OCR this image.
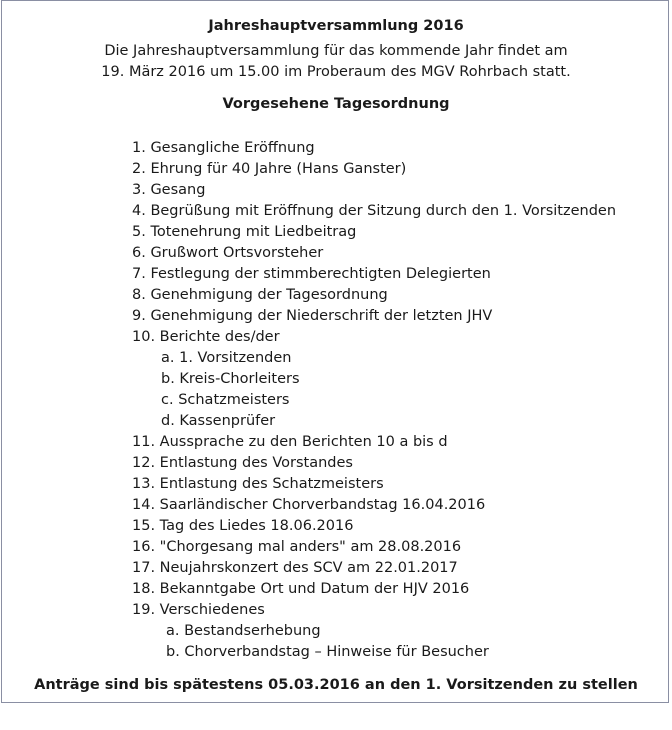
Jahreshauptversammlung 2016
Die Jahreshauptversammlung für das kommende Jahr findet am
19. März 2016 um 15.00 im Proberaum des MGV Rohrbach statt.
Vorgesehene Tagesordnung
1. Gesangliche Eröffnung
2. Ehrung für 40 Jahre (Hans Ganster)
3. Gesang
4. Begrüßung mit Eröffnung der Sitzung durch den 1. Vorsitzenden
5. Totenehrung mit Liedbeitrag
6. Grußwort Ortsvorsteher
7. Festlegung der stimmberechtigten Delegierten
8. Genehmigung der Tagesordnung
9. Genehmigung der Niederschrift der letzten JHV
10. Berichte des/der
a. 1. Vorsitzenden
b. Kreis-Chorleiters
c. Schatzmeisters
d. Kassenprüfer
11. Aussprache zu den Berichten 10 a bis d
12. Entlastung des Vorstandes
13. Entlastung des Schatzmeisters
14. Saarländischer Chorverbandstag 16.04.2016
15. Tag des Liedes 18.06.2016
16. "Chorgesang mal anders" am 28.08.2016
17. Neujahrskonzert des SCV am 22.01.2017
18. Bekanntgabe Ort und Datum der HJV 2016
19. Verschiedenes
a. Bestandserhebung
b. Chorverbandstag – Hinweise für Besucher
Anträge sind bis spätestens 05.03.2016 an den 1. Vorsitzenden zu stellen
